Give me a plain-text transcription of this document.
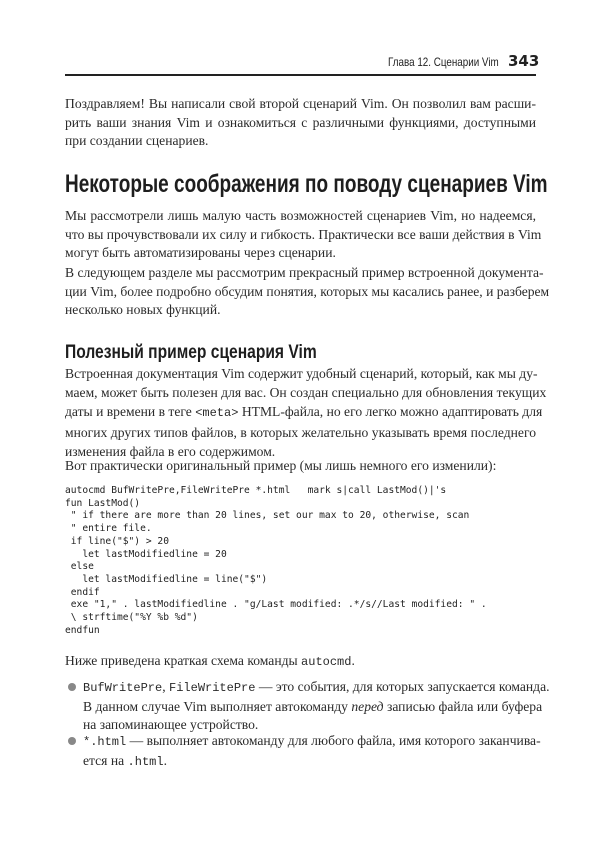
Глава 12. Сценарии Vim 343
Поздравляем! Вы написали свой второй сценарий Vim. Он позволил вам расши-
рить ваши знания Vim и ознакомиться с различными функциями, доступными
при создании сценариев.
Некоторые соображения по поводу сценариев Vim
Мы рассмотрели лишь малую часть возможностей сценариев Vim, но надеемся,
что вы прочувствовали их силу и гибкость. Практически все ваши действия в Vim
могут быть автоматизированы через сценарии.
В следующем разделе мы рассмотрим прекрасный пример встроенной документа-
ции Vim, более подробно обсудим понятия, которых мы касались ранее, и разберем
несколько новых функций.
Полезный пример сценария Vim
Встроенная документация Vim содержит удобный сценарий, который, как мы ду-
маем, может быть полезен для вас. Он создан специально для обновления текущих
даты и времени в теге <meta> HTML-файла, но его легко можно адаптировать для
многих других типов файлов, в которых желательно указывать время последнего
изменения файла в его содержимом.
Вот практически оригинальный пример (мы лишь немного его изменили):
autocmd BufWritePre,FileWritePre *.html   mark s|call LastMod()|'s
fun LastMod()
" if there are more than 20 lines, set our max to 20, otherwise, scan
" entire file.
if line("$") > 20
let lastModifiedline = 20
else
let lastModifiedline = line("$")
endif
exe "1," . lastModifiedline . "g/Last modified: .*/s//Last modified: " .
\ strftime("%Y %b %d")
endfun
Ниже приведена краткая схема команды autocmd.
BufWritePre, FileWritePre — это события, для которых запускается команда.
В данном случае Vim выполняет автокоманду перед записью файла или буфера
на запоминающее устройство.
*.html — выполняет автокоманду для любого файла, имя которого заканчива-
ется на .html.
